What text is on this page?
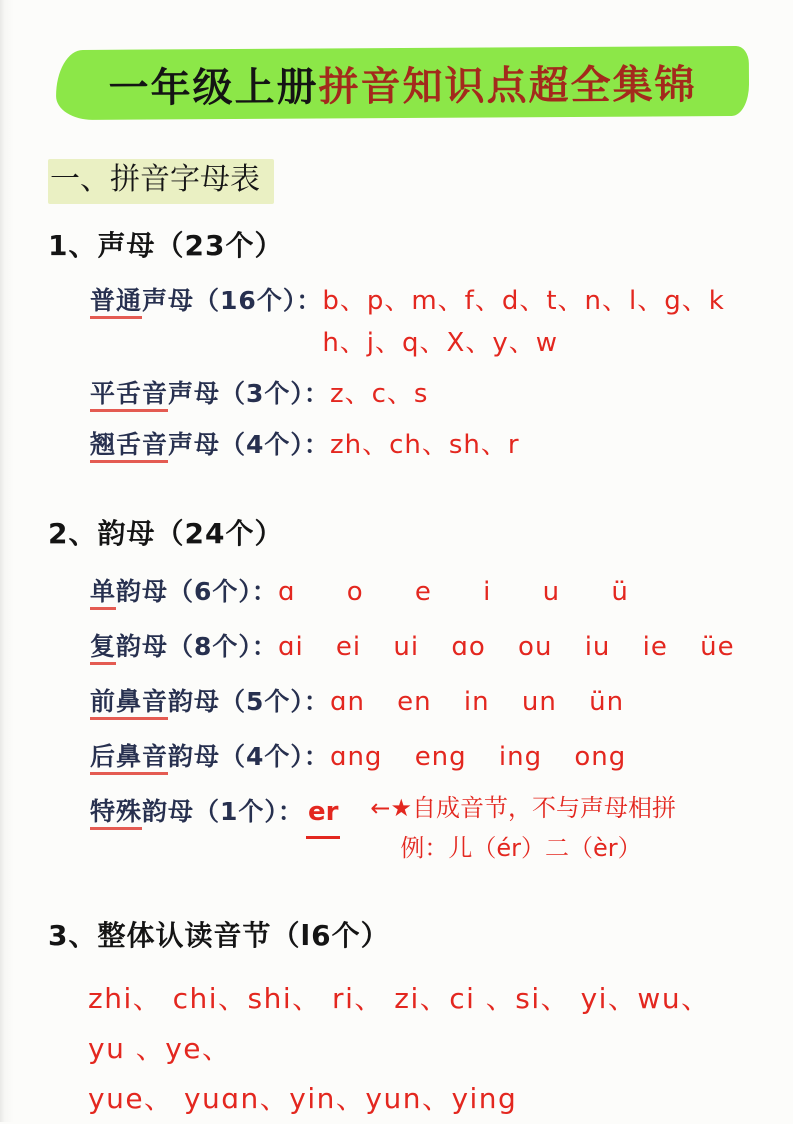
一年级上册 拼音知识点超全集锦
一、拼音字母表
1、声母（23个）
普通声母（16个）： b、p、m、f、d、t、n、l、g、k
h、j、q、X、y、w
平舌音声母（3个）： z、c、s
翘舌音声母（4个）： zh、ch、sh、r
2、韵母（24个）
单韵母（6个）： ɑ o e i u ü
复韵母（8个）： ɑi ei ui ɑo ou iu ie üe
前鼻音韵母（5个）： ɑn en in un ün
后鼻音韵母（4个）： ɑng eng ing ong
特殊韵母（1个）： er ←★自成音节，不与声母相拼
例：儿（ér）二（èr）
3、整体认读音节（l6个）
zhi、 chi、shi、 ri、 zi、ci 、si、 yi、wu、 yu 、ye、
yue、 yuɑn、yin、yun、ying
